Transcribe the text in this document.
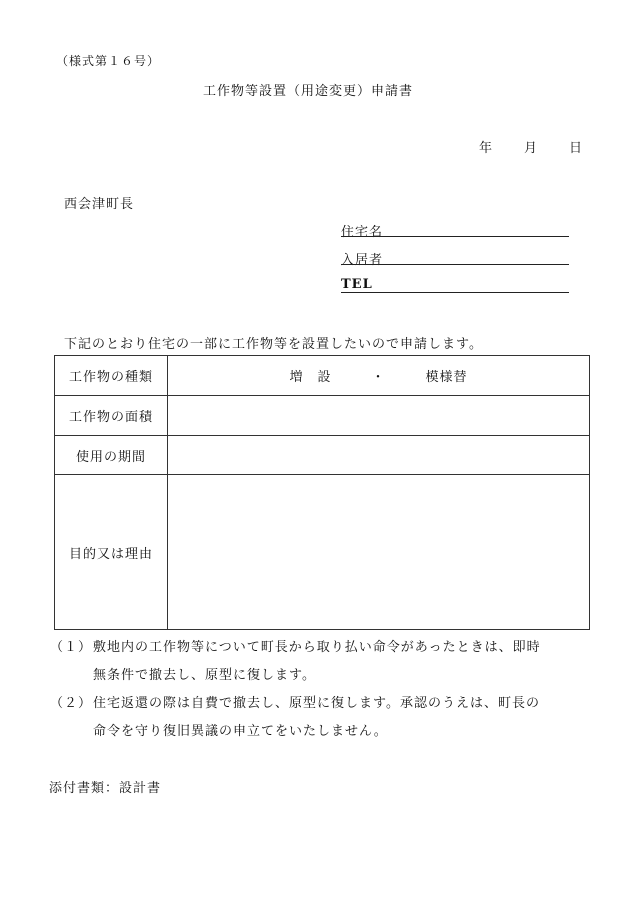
（様式第１６号）
工作物等設置（用途変更）申請書
年 月 日
西会津町長
住宅名
入居者
TEL
下記のとおり住宅の一部に工作物等を設置したいので申請します。
工作物の種類	増　設 ・ 模様替

工作物の面積	
使用の期間	
目的又は理由	
（１） 敷地内の工作物等について町長から取り払い命令があったときは、即時
無条件で撤去し、原型に復します。
（２） 住宅返還の際は自費で撤去し、原型に復します。承認のうえは、町長の
命令を守り復旧異議の申立てをいたしません。
添付書類：設計書
